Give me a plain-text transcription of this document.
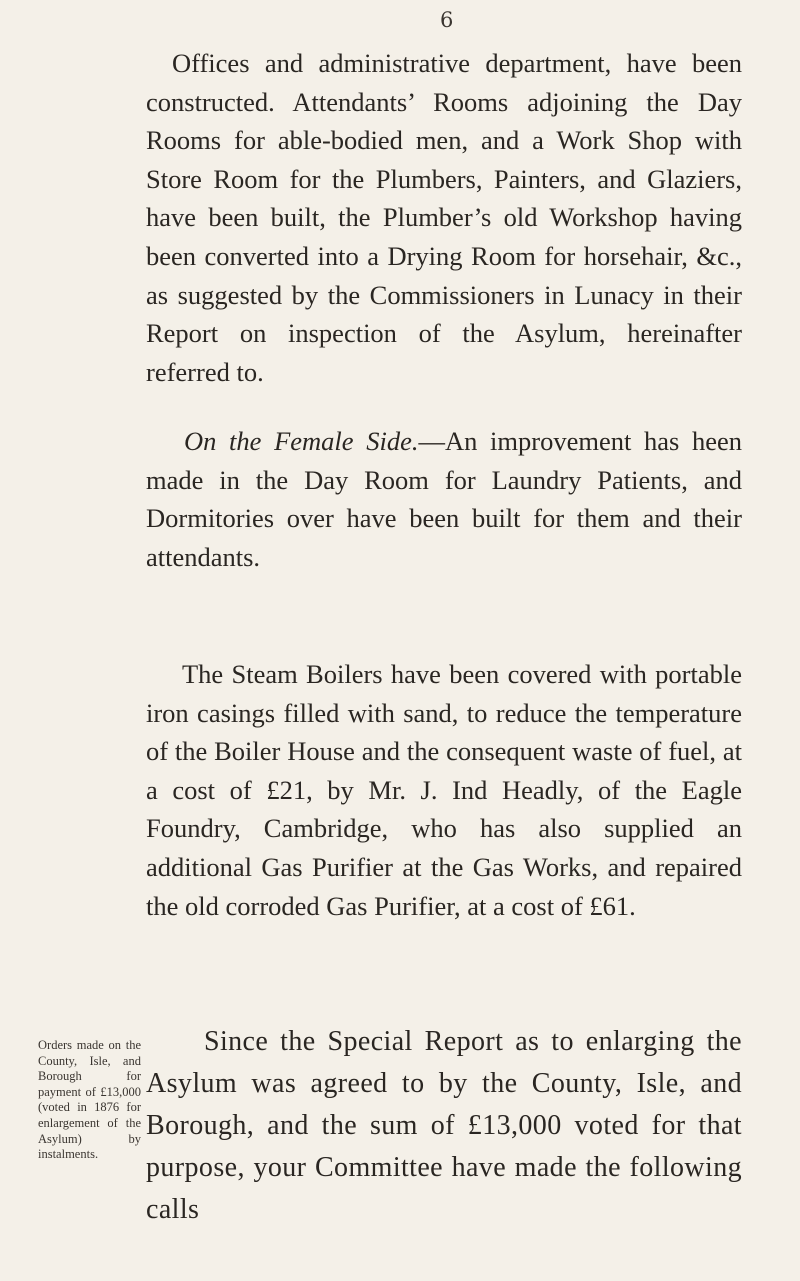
6

Offices and administrative department, have been constructed. Attendants’ Rooms adjoining the Day Rooms for able-bodied men, and a Work Shop with Store Room for the Plumbers, Painters, and Glaziers, have been built, the Plumber’s old Workshop having been converted into a Drying Room for horsehair, &c., as suggested by the Commissioners in Lunacy in their Report on inspection of the Asylum, hereinafter referred to.

On the Female Side.—An improvement has heen made in the Day Room for Laundry Patients, and Dormitories over have been built for them and their attendants.

The Steam Boilers have been covered with portable iron casings filled with sand, to reduce the temperature of the Boiler House and the consequent waste of fuel, at a cost of £21, by Mr. J. Ind Headly, of the Eagle Foundry, Cambridge, who has also supplied an additional Gas Purifier at the Gas Works, and repaired the old corroded Gas Purifier, at a cost of £61.

Orders made on the County, Isle, and Borough for payment of £13,000 (voted in 1876 for enlargement of the Asylum) by instalments.

Since the Special Report as to enlarging the Asylum was agreed to by the County, Isle, and Borough, and the sum of £13,000 voted for that purpose, your Committee have made the following calls
